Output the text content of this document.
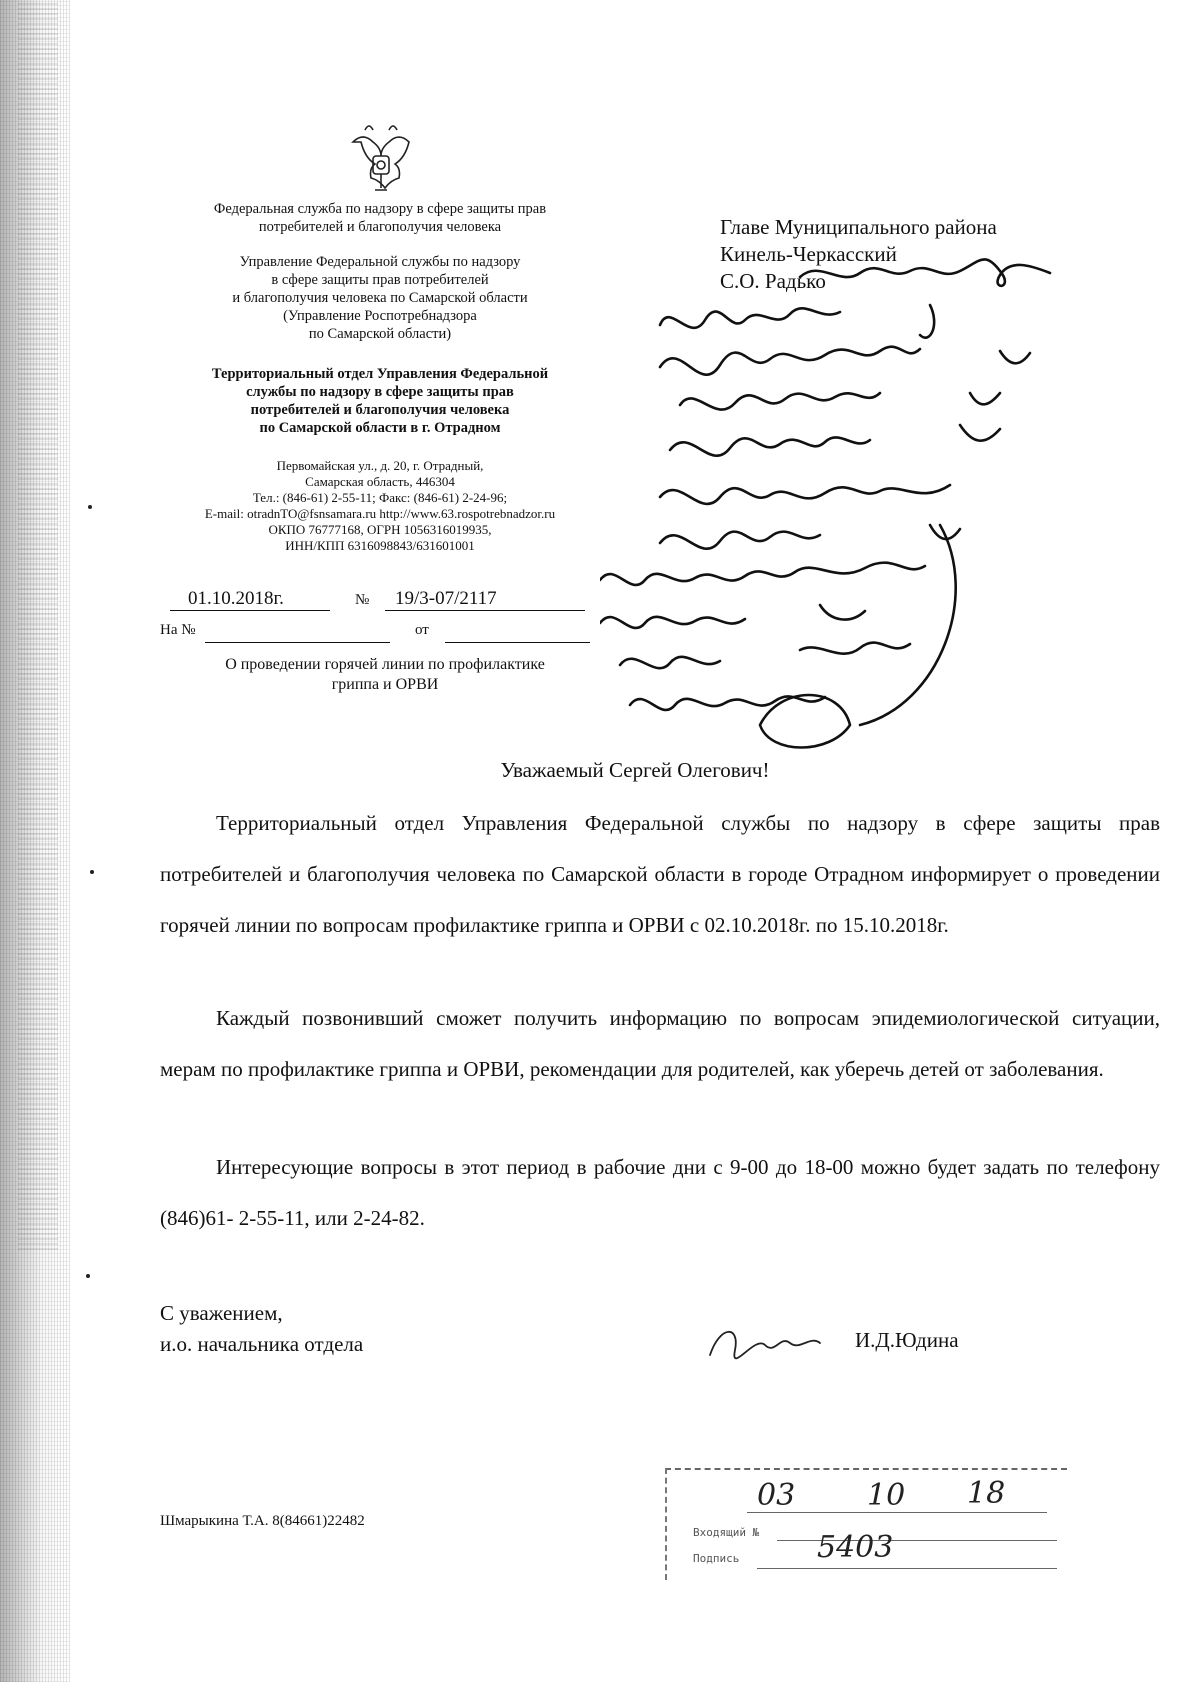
Федеральная служба по надзору в сфере защиты прав
потребителей и благополучия человека
Управление Федеральной службы по надзору
в сфере защиты прав потребителей
и благополучия человека по Самарской области
(Управление Роспотребнадзора
по Самарской области)
Территориальный отдел Управления Федеральной
службы по надзору в сфере защиты прав
потребителей и благополучия человека
по Самарской области в г. Отрадном
Первомайская ул., д. 20, г. Отрадный,
Самарская область, 446304
Тел.: (846-61) 2-55-11; Факс: (846-61) 2-24-96;
E-mail: otradnTO@fsnsamara.ru http://www.63.rospotrebnadzor.ru
ОКПО 76777168, ОГРН 1056316019935,
ИНН/КПП 6316098843/631601001
01.10.2018г.	№ 19/3-07/2117
На №	от
О проведении горячей линии по профилактике
гриппа и ОРВИ
Главе Муниципального района
Кинель-Черкасский
С.О. Радько
Уважаемый Сергей Олегович!

Территориальный отдел Управления Федеральной службы по надзору в сфере защиты прав потребителей и благополучия человека по Самарской области в городе Отрадном информирует о проведении горячей линии по вопросам профилактике гриппа и ОРВИ с 02.10.2018г. по 15.10.2018г.

Каждый позвонивший сможет получить информацию по вопросам эпидемиологической ситуации, мерам по профилактике гриппа и ОРВИ, рекомендации для родителей, как уберечь детей от заболевания.

Интересующие вопросы в этот период в рабочие дни с 9-00 до 18-00 можно будет задать по телефону (846)61- 2-55-11, или 2-24-82.

С уважением,
и.о. начальника отдела	И.Д.Юдина
Шмарыкина Т.А. 8(84661)22482
03 10 18
Входящий №
Подпись	5403
